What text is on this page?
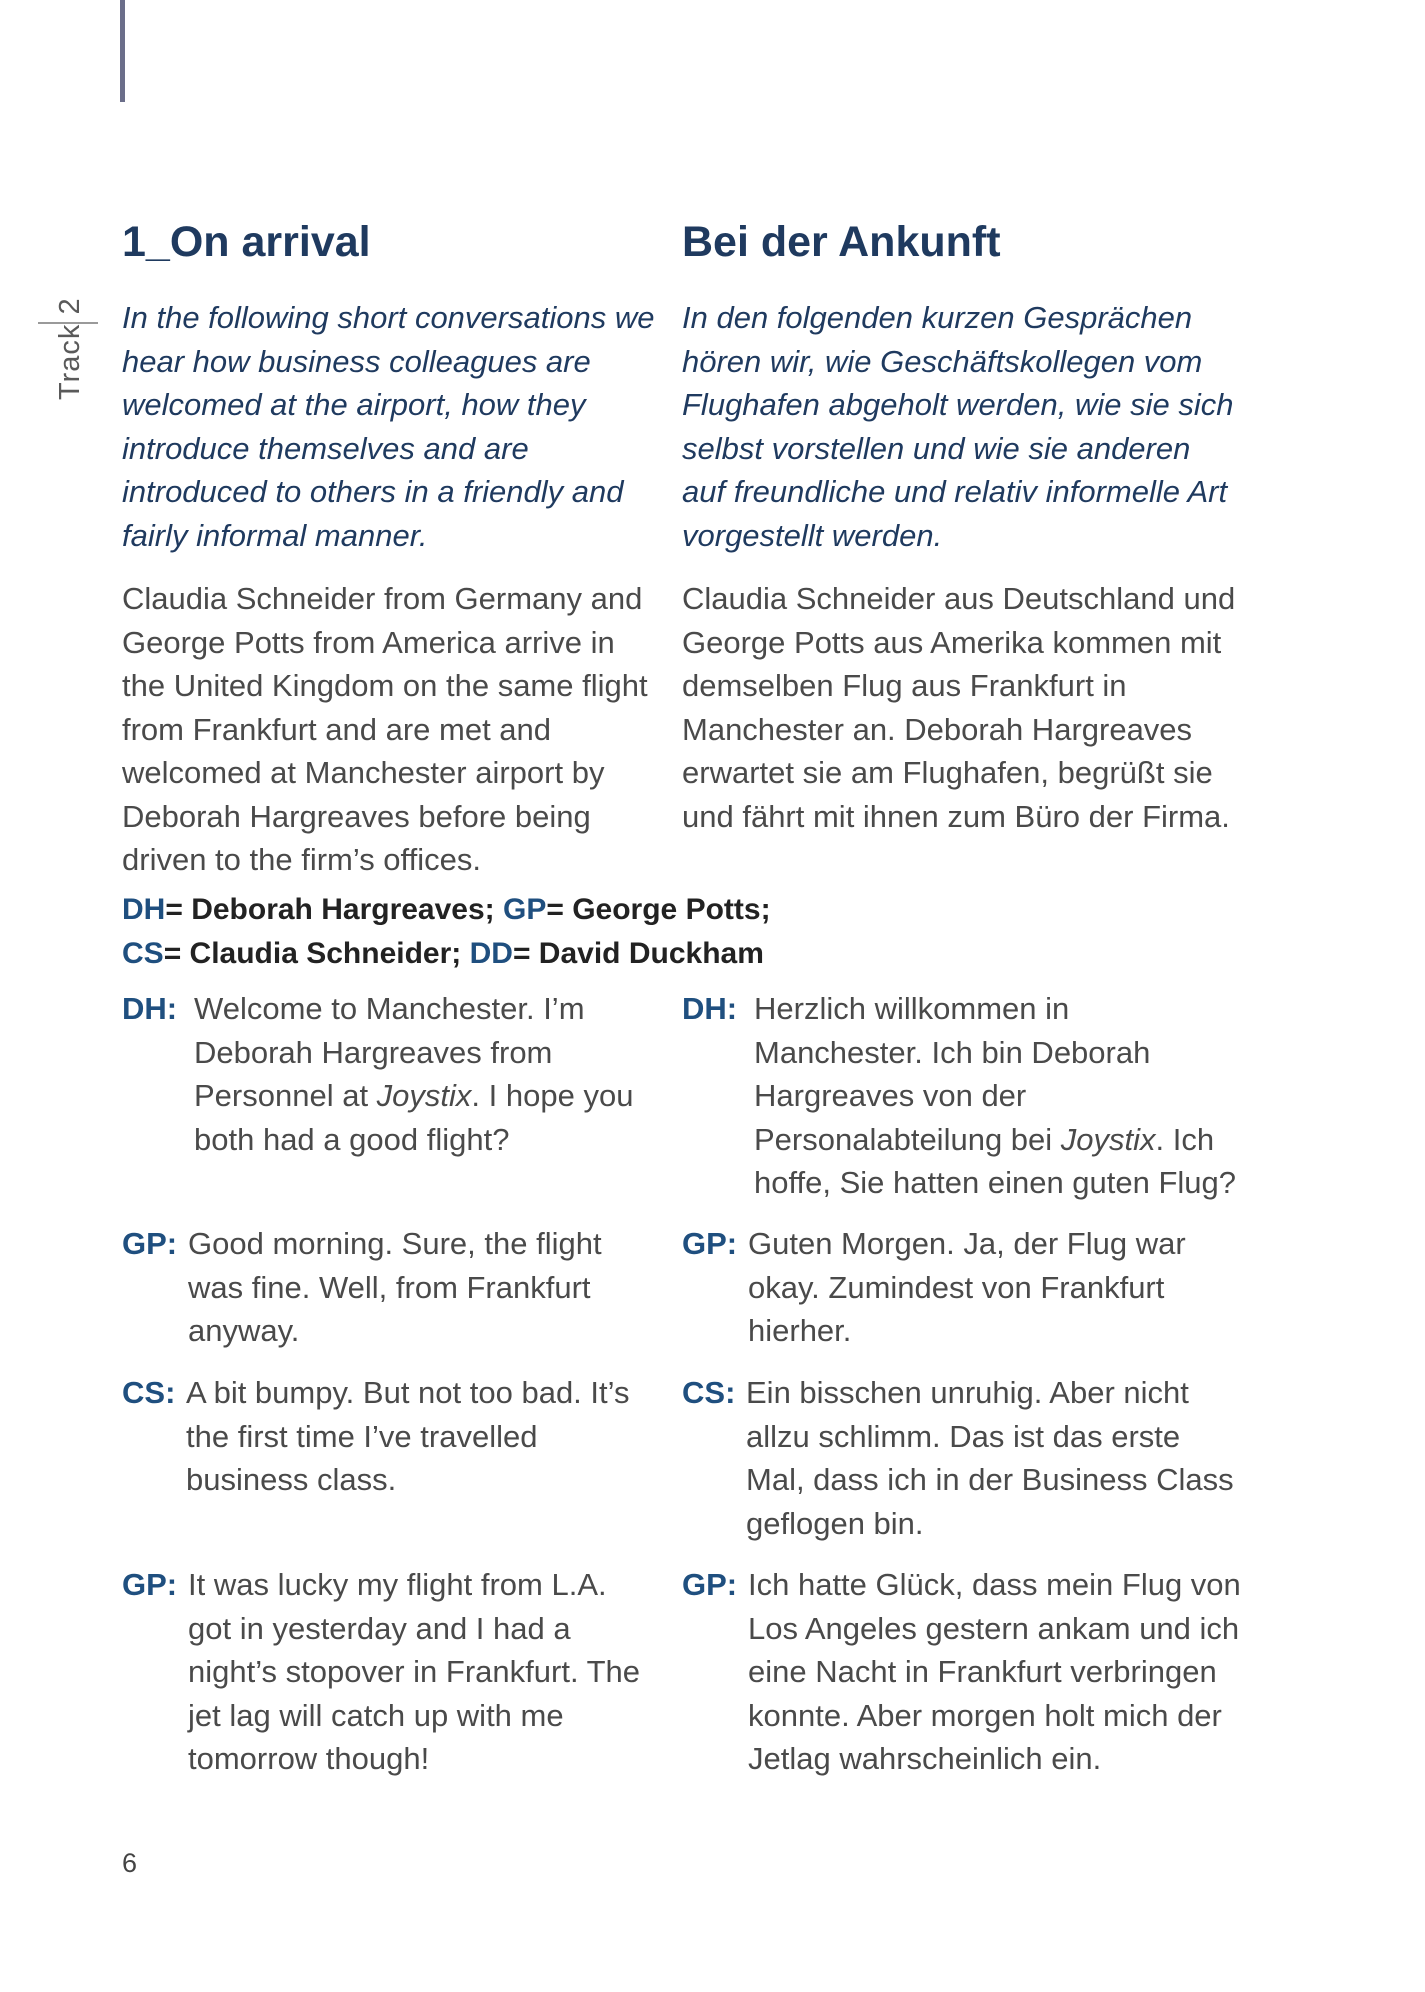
Track 2
1_On arrival

In the following short conversations we hear how business colleagues are welcomed at the airport, how they introduce themselves and are introduced to others in a friendly and fairly informal manner.

Claudia Schneider from Germany and George Potts from America arrive in the United Kingdom on the same flight from Frankfurt and are met and welcomed at Manchester airport by Deborah Hargreaves before being driven to the firm’s offices.

Bei der Ankunft

In den folgenden kurzen Gesprächen hören wir, wie Geschäftskollegen vom Flughafen abgeholt werden, wie sie sich selbst vorstellen und wie sie anderen auf freundliche und relativ informelle Art vorgestellt werden.

Claudia Schneider aus Deutschland und George Potts aus Amerika kommen mit demselben Flug aus Frankfurt in Manchester an. Deborah Hargreaves erwartet sie am Flughafen, begrüßt sie und fährt mit ihnen zum Büro der Firma.

DH= Deborah Hargreaves; GP= George Potts;
CS= Claudia Schneider; DD= David Duckham
DH: Welcome to Manchester. I’m Deborah Hargreaves from Personnel at Joystix. I hope you both had a good flight?
DH: Herzlich willkommen in Manchester. Ich bin Deborah Hargreaves von der Personalabteilung bei Joystix. Ich hoffe, Sie hatten einen guten Flug?
GP: Good morning. Sure, the flight was fine. Well, from Frankfurt anyway.
GP: Guten Morgen. Ja, der Flug war okay. Zumindest von Frankfurt hierher.
CS: A bit bumpy. But not too bad. It’s the first time I’ve travelled business class.
CS: Ein bisschen unruhig. Aber nicht allzu schlimm. Das ist das erste Mal, dass ich in der Business Class geflogen bin.
GP: It was lucky my flight from L.A. got in yesterday and I had a night’s stopover in Frankfurt. The jet lag will catch up with me tomorrow though!
GP: Ich hatte Glück, dass mein Flug von Los Angeles gestern ankam und ich eine Nacht in Frankfurt verbringen konnte. Aber morgen holt mich der Jetlag wahrscheinlich ein.
6
